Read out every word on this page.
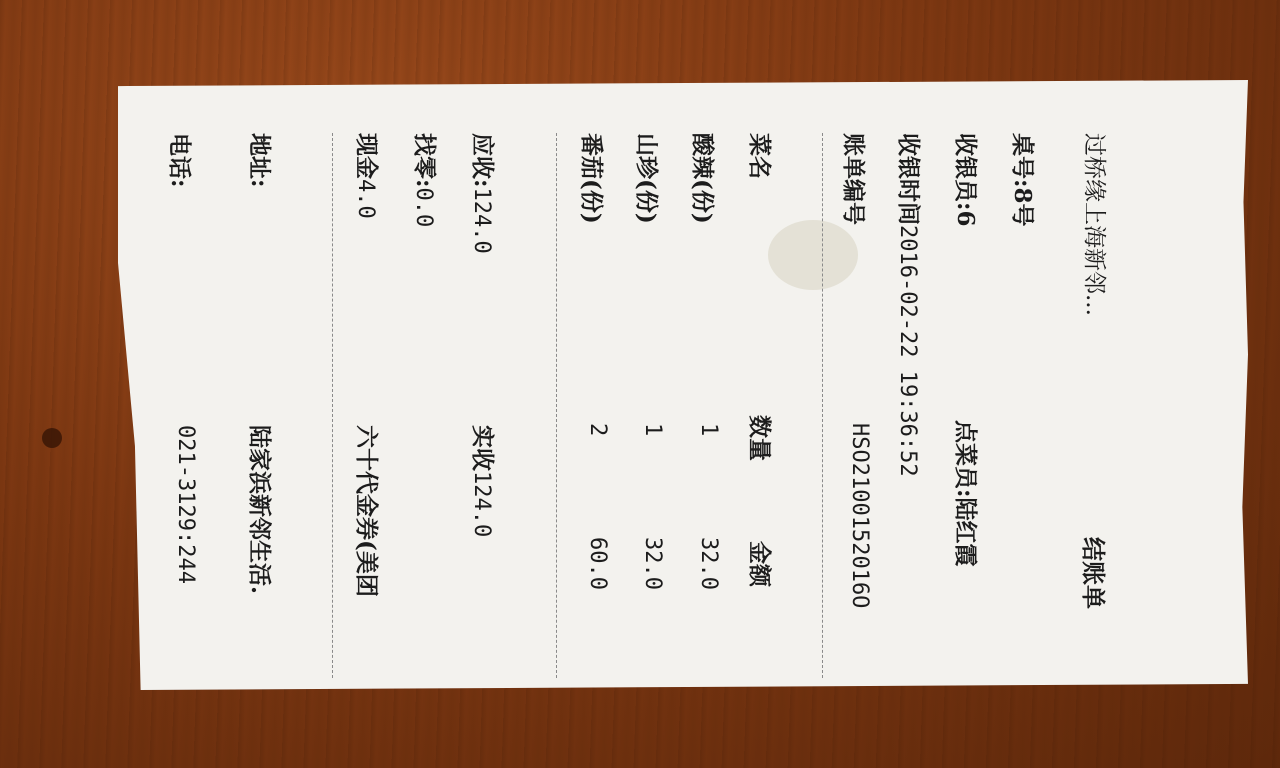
过桥缘上海新邻...
结账单
桌号:8号
收银员:6
点菜员:陆红霞
收银时间2016-02-22 19:36:52
账单编号
HSO2100152016O
菜名
数量
金额
酸辣(份)
1
32.0
山珍(份)
1
32.0
番茄(份)
2
60.0
应收:124.0
实收124.0
找零:0.0
现金4.0
六十代金券(美团
地址:
陆家浜新邻生活.
电话:
021-3129:244
